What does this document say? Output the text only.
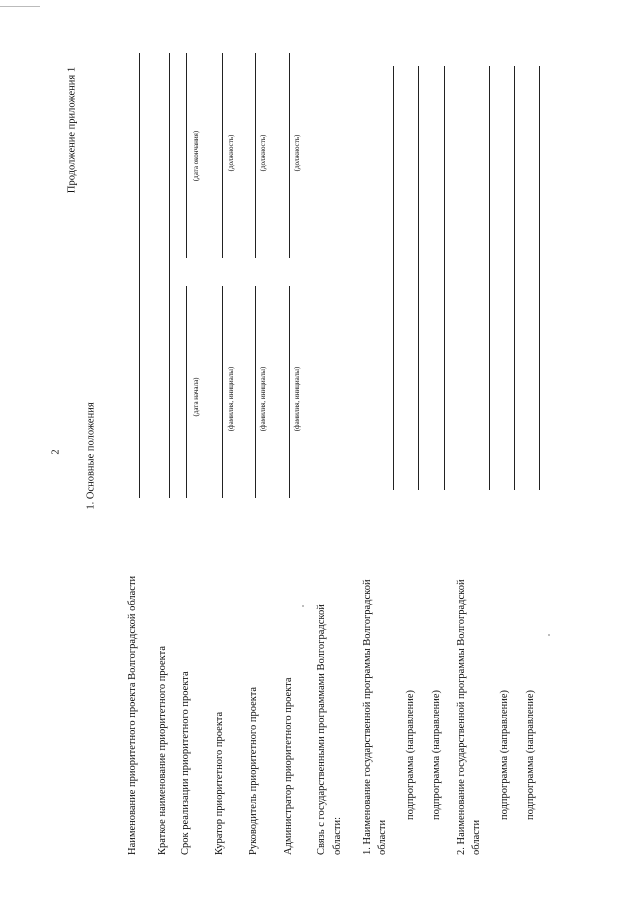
2
Продолжение приложения 1
1. Основные положения
Наименование приоритетного проекта Волгоградской области Краткое наименование приоритетного проекта Срок реализации приоритетного проекта Куратор приоритетного проекта Руководитель приоритетного проекта Администратор приоритетного проекта Связь с государственными программами Волгоградской области: 1. Наименование государственной программы Волгоградской области
подпрограмма (направление) подпрограмма (направление) 2. Наименование государственной программы Волгоградской области
подпрограмма (направление) подпрограмма (направление)
(дата начала)
(дата окончания)
(фамилия, инициалы)
(должность)
(фамилия, инициалы)
(должность)
(фамилия, инициалы)
(должность)
